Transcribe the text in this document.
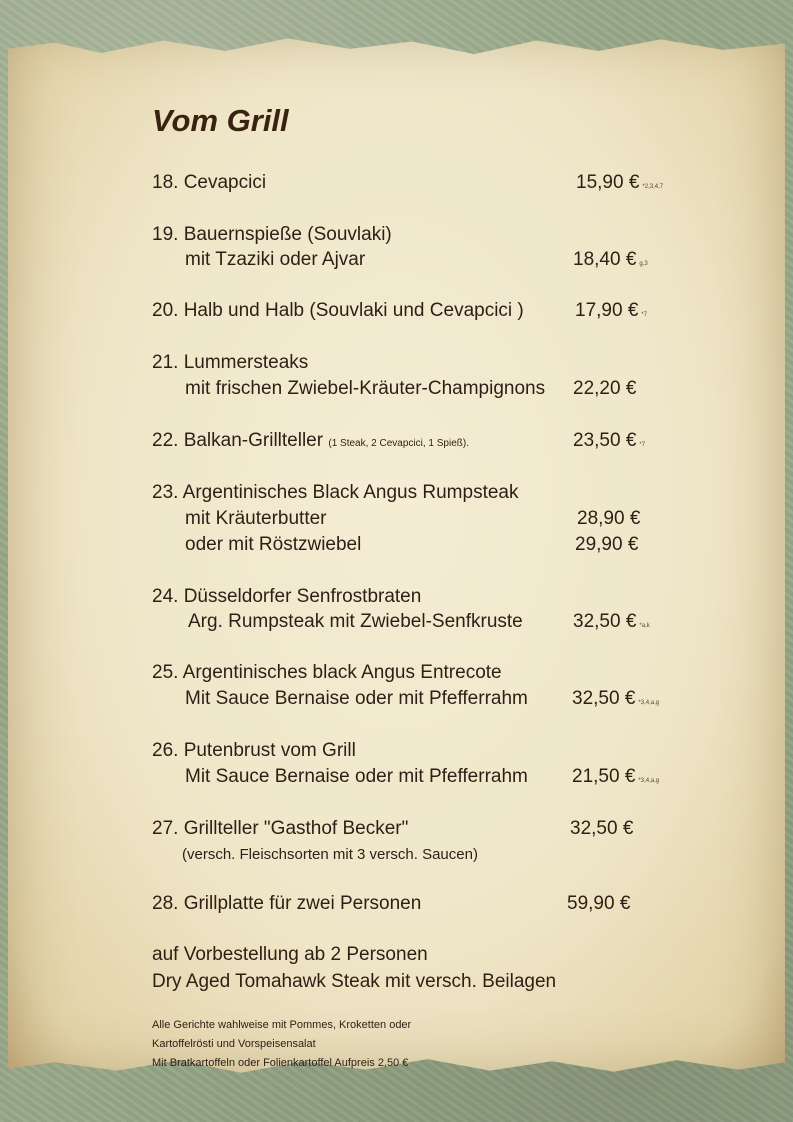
Vom Grill
18. Cevapcici	15,90 € *2,3,4,7
19. Bauernspieße (Souvlaki)
mit Tzaziki oder Ajvar	18,40 € g,3
20. Halb und Halb (Souvlaki und Cevapcici )	17,90 € *7
21. Lummersteaks
mit frischen Zwiebel-Kräuter-Champignons 22,20 €
22. Balkan-Grillteller (1 Steak, 2 Cevapcici, 1 Spieß).	23,50 € *7
23. Argentinisches Black Angus Rumpsteak
mit Kräuterbutter	28,90 €
oder mit Röstzwiebel	29,90 €
24. Düsseldorfer Senfrostbraten
Arg. Rumpsteak mit Zwiebel-Senfkruste	32,50 € *a,k
25. Argentinisches black Angus Entrecote
Mit Sauce Bernaise oder mit Pfefferrahm 32,50 € *3,4,a,g
26. Putenbrust vom Grill
Mit Sauce Bernaise oder mit Pfefferrahm 21,50 € *3,4,a,g
27. Grillteller "Gasthof Becker"	32,50 €
(versch. Fleischsorten mit 3 versch. Saucen)
28. Grillplatte für zwei Personen	59,90 €
auf Vorbestellung ab 2 Personen
Dry Aged Tomahawk Steak mit versch. Beilagen
Alle Gerichte wahlweise mit Pommes, Kroketten oder
Kartoffelrösti und Vorspeisensalat
Mit Bratkartoffeln oder Folienkartoffel Aufpreis 2,50 €
